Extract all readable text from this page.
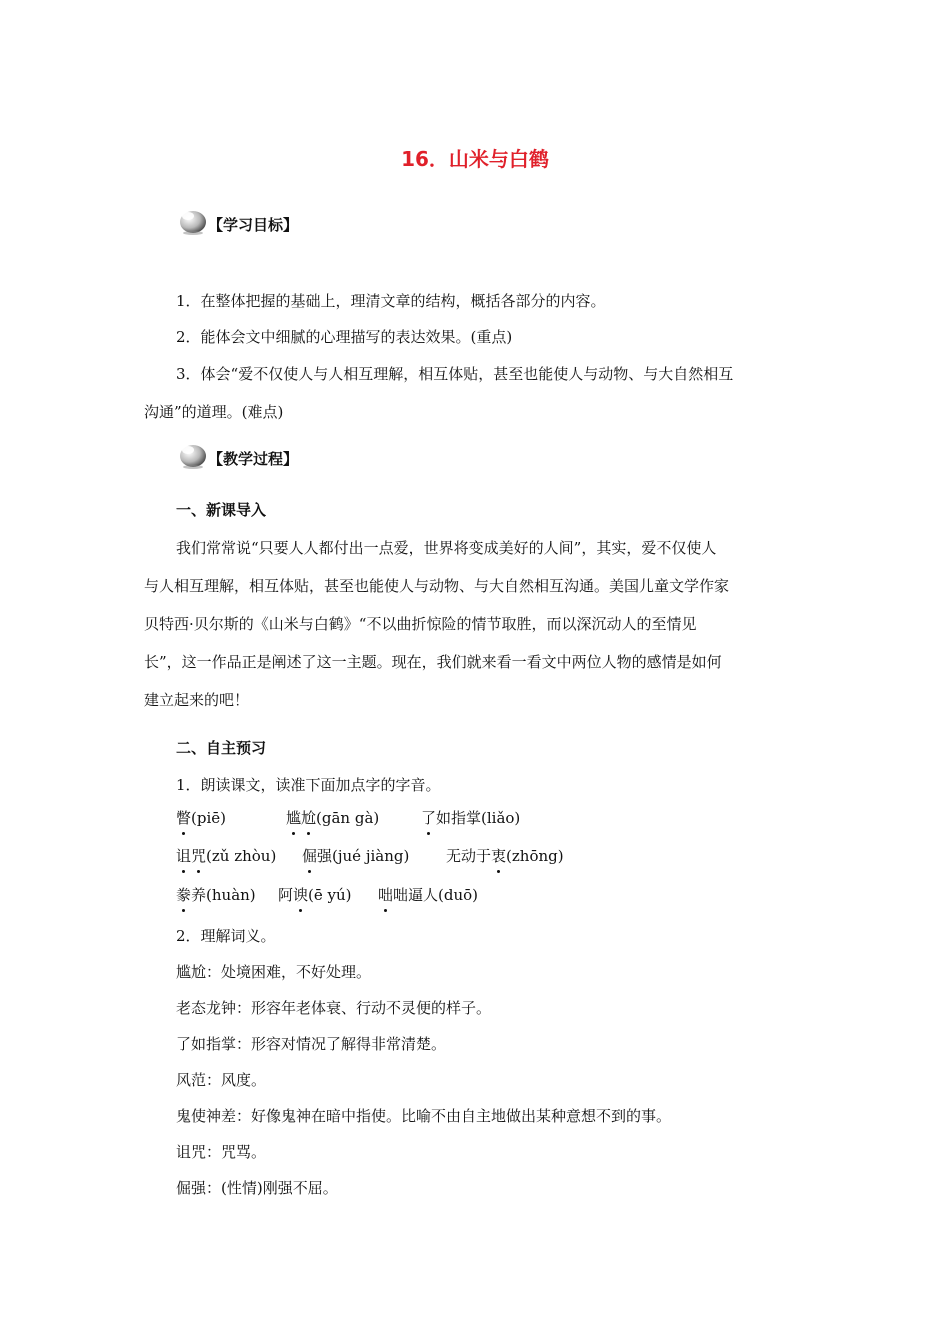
16．山米与白鹤
【学习目标】
1．在整体把握的基础上，理清文章的结构，概括各部分的内容。
2．能体会文中细腻的心理描写的表达效果。(重点)
3．体会“爱不仅使人与人相互理解，相互体贴，甚至也能使人与动物、与大自然相互
沟通”的道理。(难点)
【教学过程】
一、新课导入
我们常常说“只要人人都付出一点爱，世界将变成美好的人间”，其实，爱不仅使人
与人相互理解，相互体贴，甚至也能使人与动物、与大自然相互沟通。美国儿童文学作家
贝特西·贝尔斯的《山米与白鹤》“不以曲折惊险的情节取胜，而以深沉动人的至情见
长”，这一作品正是阐述了这一主题。现在，我们就来看一看文中两位人物的感情是如何
建立起来的吧！
二、自主预习
1．朗读课文，读准下面加点字的字音。
瞥(piē)	尴尬(gān gà)	了如指掌(liǎo)
诅咒(zǔ zhòu) 倔强(jué jiàng) 无动于衷(zhōng)
豢养(huàn) 阿谀(ē yú) 咄咄逼人(duō)
2．理解词义。
尴尬：处境困难，不好处理。
老态龙钟：形容年老体衰、行动不灵便的样子。
了如指掌：形容对情况了解得非常清楚。
风范：风度。
鬼使神差：好像鬼神在暗中指使。比喻不由自主地做出某种意想不到的事。
诅咒：咒骂。
倔强：(性情)刚强不屈。
